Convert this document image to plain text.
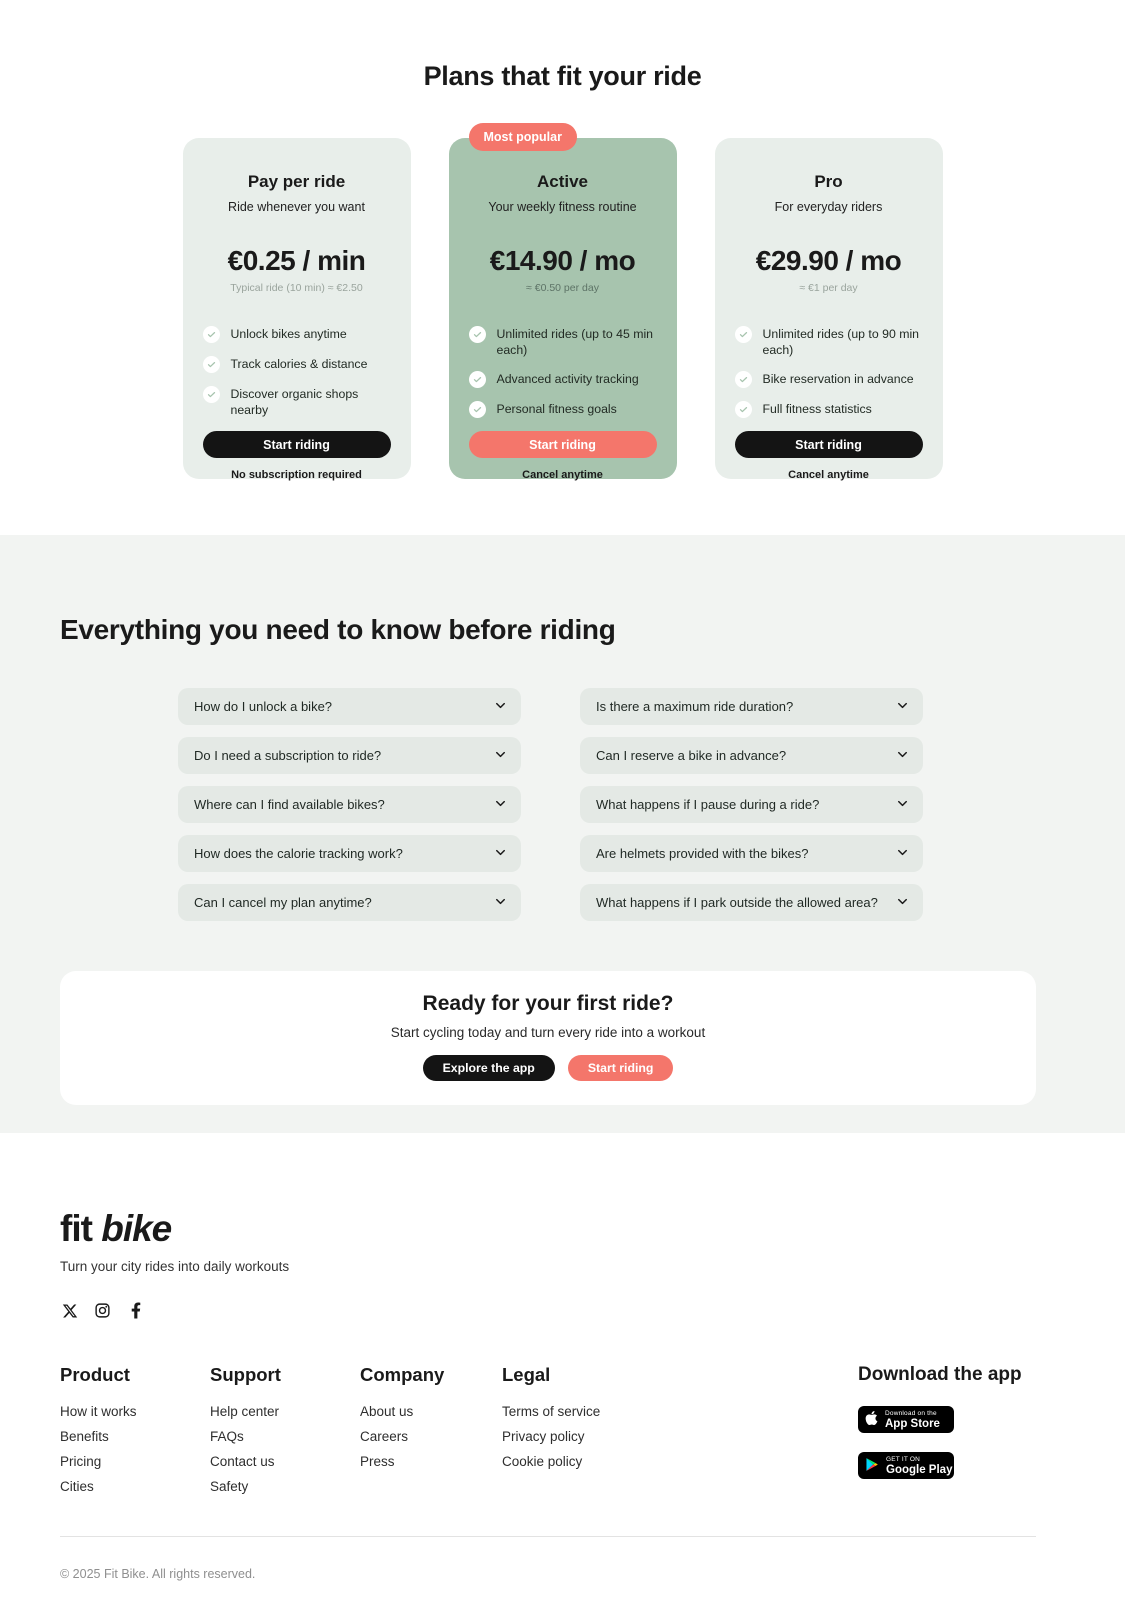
Plans that fit your ride
Pay per ride
Ride whenever you want
€0.25 / min
Typical ride (10 min) ≈ €2.50
Unlock bikes anytime
Track calories & distance
Discover organic shops nearby
Start riding
No subscription required
Most popular
Active
Your weekly fitness routine
€14.90 / mo
≈ €0.50 per day
Unlimited rides (up to 45 min each)
Advanced activity tracking
Personal fitness goals
Start riding
Cancel anytime
Pro
For everyday riders
€29.90 / mo
≈ €1 per day
Unlimited rides (up to 90 min each)
Bike reservation in advance
Full fitness statistics
Start riding
Cancel anytime
Everything you need to know before riding
How do I unlock a bike?	Is there a maximum ride duration?
Do I need a subscription to ride?	Can I reserve a bike in advance?
Where can I find available bikes?	What happens if I pause during a ride?
How does the calorie tracking work?	Are helmets provided with the bikes?
Can I cancel my plan anytime?	What happens if I park outside the allowed area?
Ready for your first ride?
Start cycling today and turn every ride into a workout
Explore the app	Start riding
fit bike
Turn your city rides into daily workouts
Product
How it works
Benefits
Pricing
Cities
Support
Help center
FAQs
Contact us
Safety
Company
About us
Careers
Press
Legal
Terms of service
Privacy policy
Cookie policy
Download the app
Download on the
App Store
GET IT ON
Google Play
© 2025 Fit Bike. All rights reserved.
